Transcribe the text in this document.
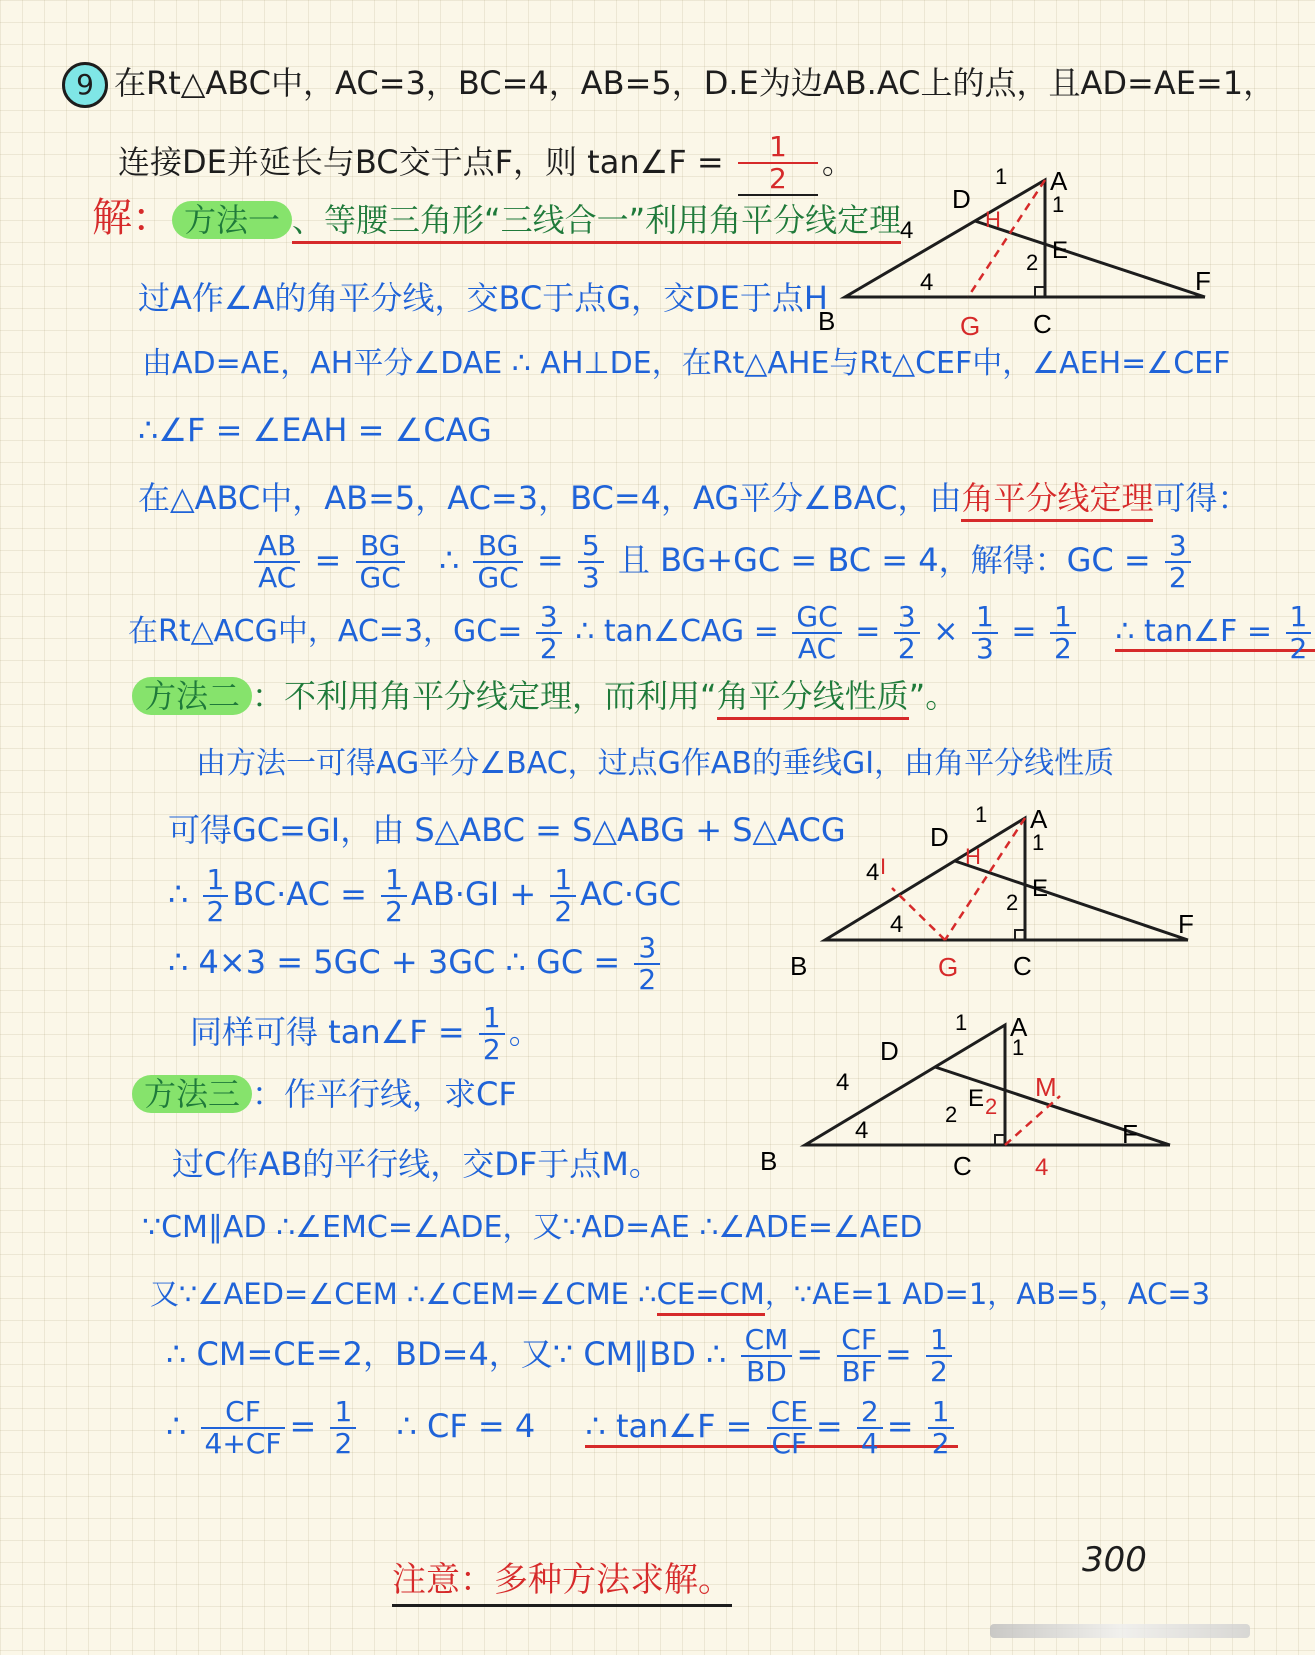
9 在Rt△ABC中，AC=3，BC=4，AB=5，D.E为边AB.AC上的点，且AD=AE=1，
连接DE并延长与BC交于点F，则 tan∠F = $\frac{1}{2}$ 。
解： 方法一 、等腰三角形“三线合一”利用角平分线定理
过A作∠A的角平分线，交BC于点G，交DE于点H
由AD=AE，AH平分∠DAE ∴ AH⊥DE，在Rt△AHE与Rt△CEF中，∠AEH=∠CEF
∴∠F = ∠EAH = ∠CAG
在△ABC中，AB=5，AC=3，BC=4，AG平分∠BAC，由角平分线定理可得：
$\frac{AB}{AC} = \frac{BG}{GC}$ ∴ $\frac{BG}{GC} = \frac{5}{3}$ 且 BG+GC = BC = 4，解得：GC = $\frac{3}{2}$
在Rt△ACG中，AC=3，$GC= \frac{3}{2}$ ∴ tan∠CAG = $\frac{GC}{AC} = \frac{3}{2} \times \frac{1}{3} = \frac{1}{2}$ ∴ tan∠F = $\frac{1}{2}$
方法二 ：不利用角平分线定理，而利用“角平分线性质”。
由方法一可得AG平分∠BAC，过点G作AB的垂线GI，由角平分线性质
可得GC=GI，由 S△ABC = S△ABG + S△ACG
∴ $\frac{1}{2} BC\cdot AC = \frac{1}{2} AB\cdot GI + \frac{1}{2} AC\cdot GC$
∴ 4×3 = 5GC + 3GC ∴ GC = $\frac{3}{2}$
同样可得 tan∠F = $\frac{1}{2}$ 。
方法三 ：作平行线，求CF
过C作AB的平行线，交DF于点M。
∵CM∥AD ∴∠EMC=∠ADE，又∵AD=AE ∴∠ADE=∠AED
又∵∠AED=∠CEM ∴∠CEM=∠CME ∴CE=CM，∵AE=1 AD=1，AB=5，AC=3
∴ CM=CE=2，BD=4，又∵ CM∥BD ∴ $\frac{CM}{BD} = \frac{CF}{BF} = \frac{1}{2}$
∴ $\frac{CF}{4+CF} = \frac{1}{2}$ ∴ CF = 4 ∴ tan∠F = $\frac{CE}{CF} = \frac{2}{4} = \frac{1}{2}$
注意：多种方法求解。	300
A
B	C
D
E
F
G
H
1
1
2
4
4
A
B	C
D
E
F
G
H
I
4
1
1
2
4
A
B	C
D
E
F
M
1
1
2 2
4
4
4
